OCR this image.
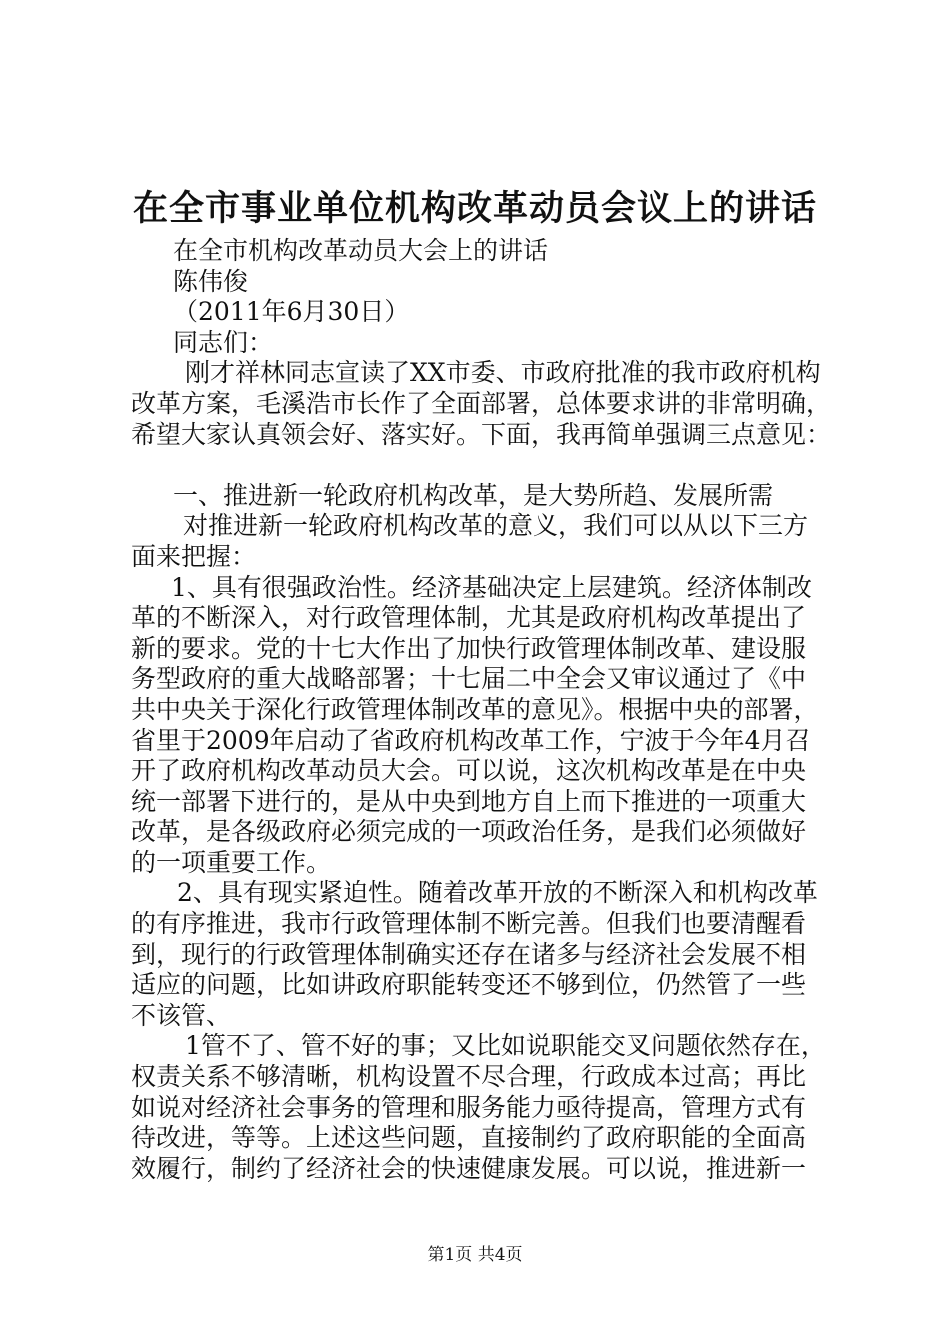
在全市事业单位机构改革动员会议上的讲话
在全市机构改革动员大会上的讲话
陈伟俊
（2011年6月30日）
同志们：
刚才祥林同志宣读了XX市委、市政府批准的我市政府机构
改革方案，毛溪浩市长作了全面部署，总体要求讲的非常明确，
希望大家认真领会好、落实好。下面，我再简单强调三点意见：
一、推进新一轮政府机构改革，是大势所趋、发展所需
对推进新一轮政府机构改革的意义，我们可以从以下三方
面来把握：
1、具有很强政治性。经济基础决定上层建筑。经济体制改
革的不断深入，对行政管理体制，尤其是政府机构改革提出了
新的要求。党的十七大作出了加快行政管理体制改革、建设服
务型政府的重大战略部署；十七届二中全会又审议通过了《中
共中央关于深化行政管理体制改革的意见》。根据中央的部署，
省里于2009年启动了省政府机构改革工作，宁波于今年4月召
开了政府机构改革动员大会。可以说，这次机构改革是在中央
统一部署下进行的，是从中央到地方自上而下推进的一项重大
改革，是各级政府必须完成的一项政治任务，是我们必须做好
的一项重要工作。
2、具有现实紧迫性。随着改革开放的不断深入和机构改革
的有序推进，我市行政管理体制不断完善。但我们也要清醒看
到，现行的行政管理体制确实还存在诸多与经济社会发展不相
适应的问题，比如讲政府职能转变还不够到位，仍然管了一些
不该管、
1管不了、管不好的事；又比如说职能交叉问题依然存在，
权责关系不够清晰，机构设置不尽合理，行政成本过高；再比
如说对经济社会事务的管理和服务能力亟待提高，管理方式有
待改进，等等。上述这些问题，直接制约了政府职能的全面高
效履行，制约了经济社会的快速健康发展。可以说，推进新一
第1页 共4页
